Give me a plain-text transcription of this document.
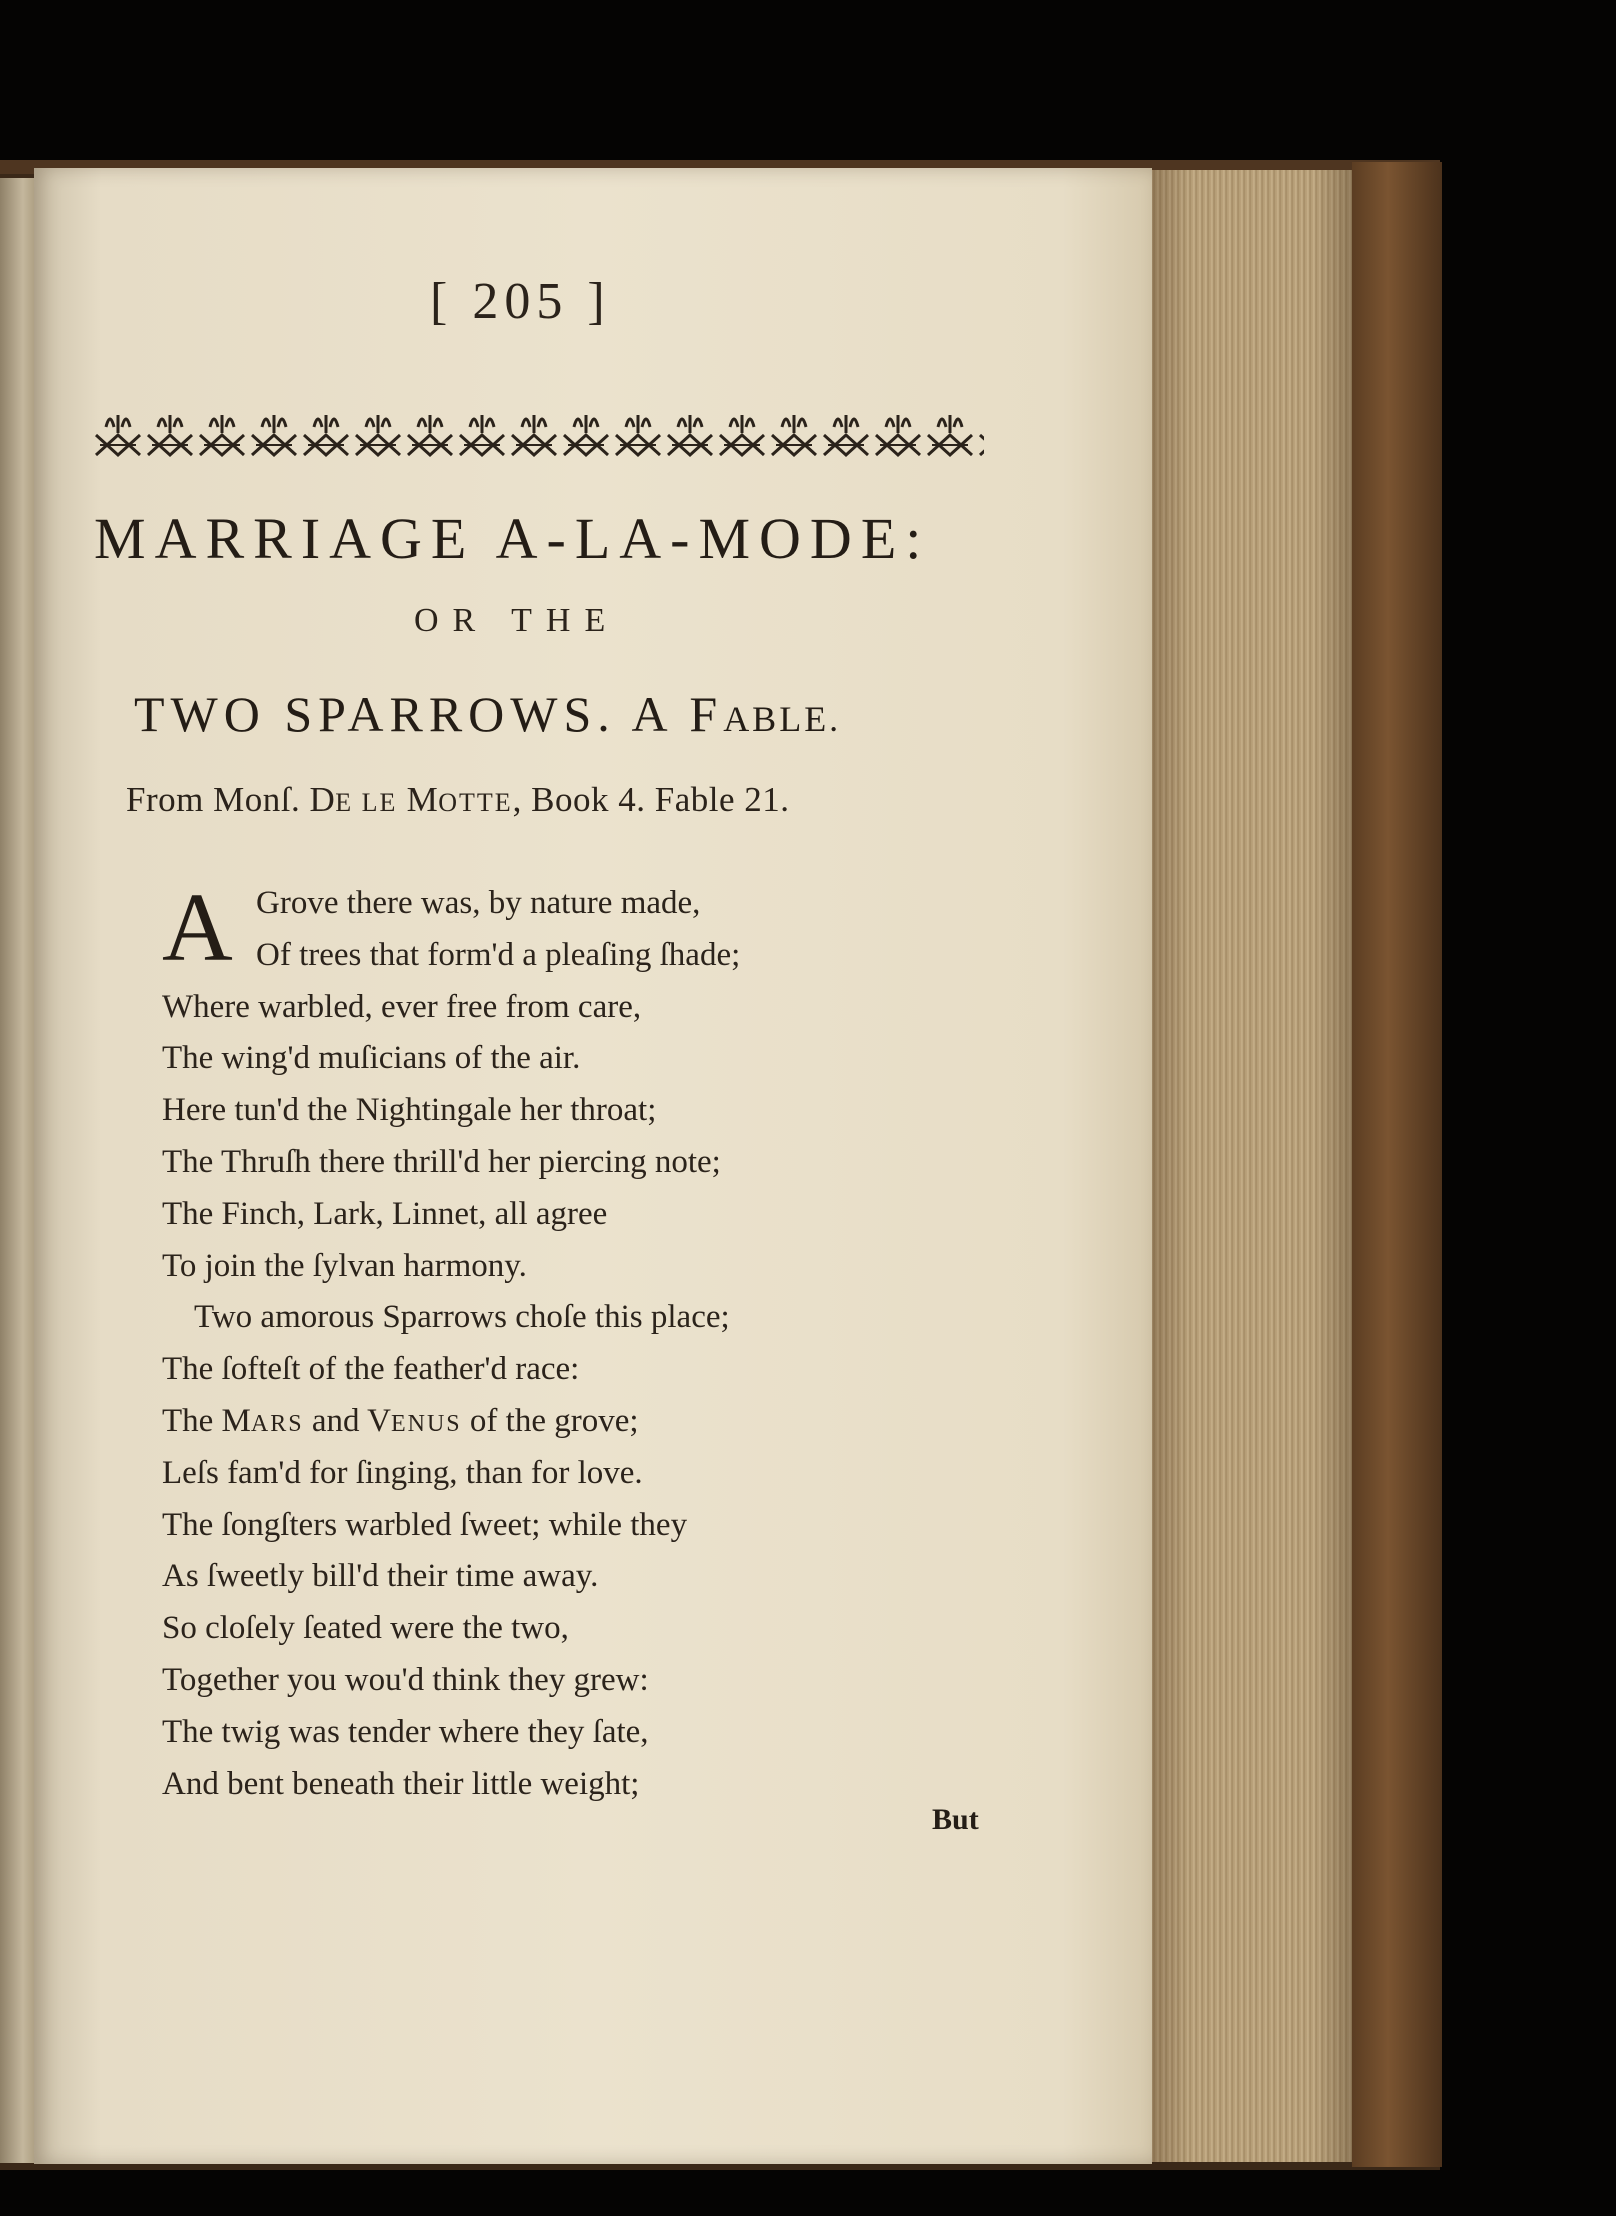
[ 205 ]
MARRIAGE A-LA-MODE:
OR THE
TWO SPARROWS. A FABLE.
From Monſ. DE LE MOTTE, Book 4. Fable 21.
A Grove there was, by nature made,
Of trees that form'd a pleaſing ſhade;
Where warbled, ever free from care,
The wing'd muſicians of the air.
Here tun'd the Nightingale her throat;
The Thruſh there thrill'd her piercing note;
The Finch, Lark, Linnet, all agree
To join the ſylvan harmony.
Two amorous Sparrows choſe this place;
The ſofteſt of the feather'd race:
The MARS and VENUS of the grove;
Leſs fam'd for ſinging, than for love.
The ſongſters warbled ſweet; while they
As ſweetly bill'd their time away.
So cloſely ſeated were the two,
Together you wou'd think they grew:
The twig was tender where they ſate,
And bent beneath their little weight;
But
